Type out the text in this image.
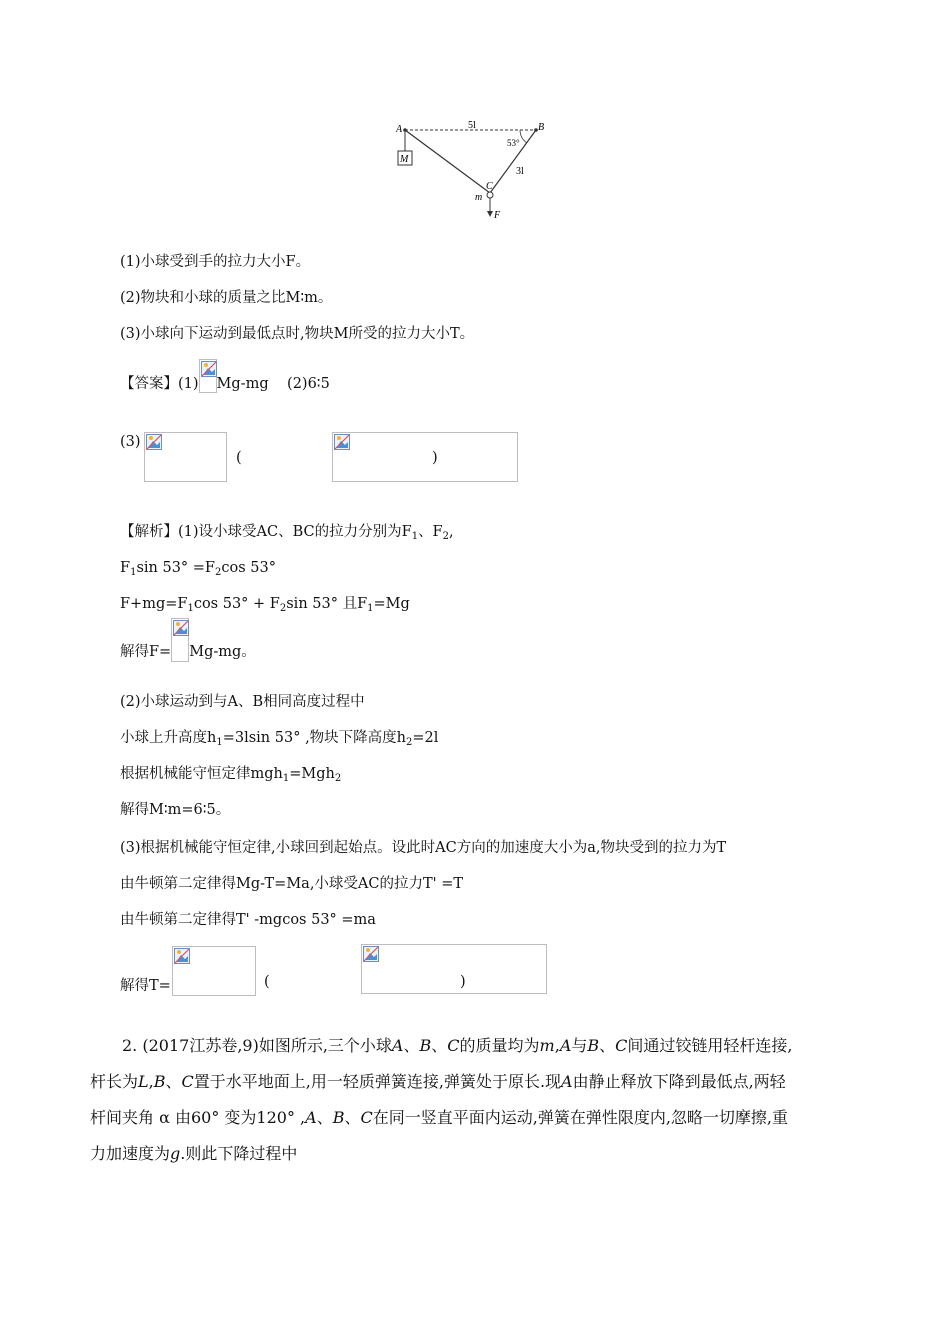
A	B
5l
53°
3l
C
m
M
F
(1)小球受到手的拉力大小F。
(2)物块和小球的质量之比M∶m。
(3)小球向下运动到最低点时,物块M所受的拉力大小T。
【答案】(1) Mg-mg (2)6∶5
(3)

(	)
【解析】(1)设小球受AC、BC的拉力分别为$F_1$、$F_2$,
$F_1\sin$ $53^\circ =F_2\cos$ 53°
$F+mg=F_1\cos$ $53^\circ + F_2\sin$ 53° 且$F_1=Mg$
解得F= Mg-mg。
(2)小球运动到与A、B相同高度过程中
小球上升高度$h_1=3lsin$ 53° ,物块下降高度$h_2=2l$
根据机械能守恒定律mgh$_1$=Mgh$_2$
解得M∶m=6∶5。
(3)根据机械能守恒定律,小球回到起始点。设此时AC方向的加速度大小为a,物块受到的拉力为T
由牛顿第二定律得Mg-T=Ma,小球受AC的拉力T' =T
由牛顿第二定律得T' -mgcos 53° =ma
解得T=
	(	)

2. (2017江苏卷,9)如图所示,三个小球A、B、C的质量均为m,A与B、C间通过铰链用轻杆连接,

杆长为L,B、C置于水平地面上,用一轻质弹簧连接,弹簧处于原长.现A由静止释放下降到最低点,两轻

杆间夹角 α 由60° 变为120° ,A、B、C在同一竖直平面内运动,弹簧在弹性限度内,忽略一切摩擦,重

力加速度为g.则此下降过程中
